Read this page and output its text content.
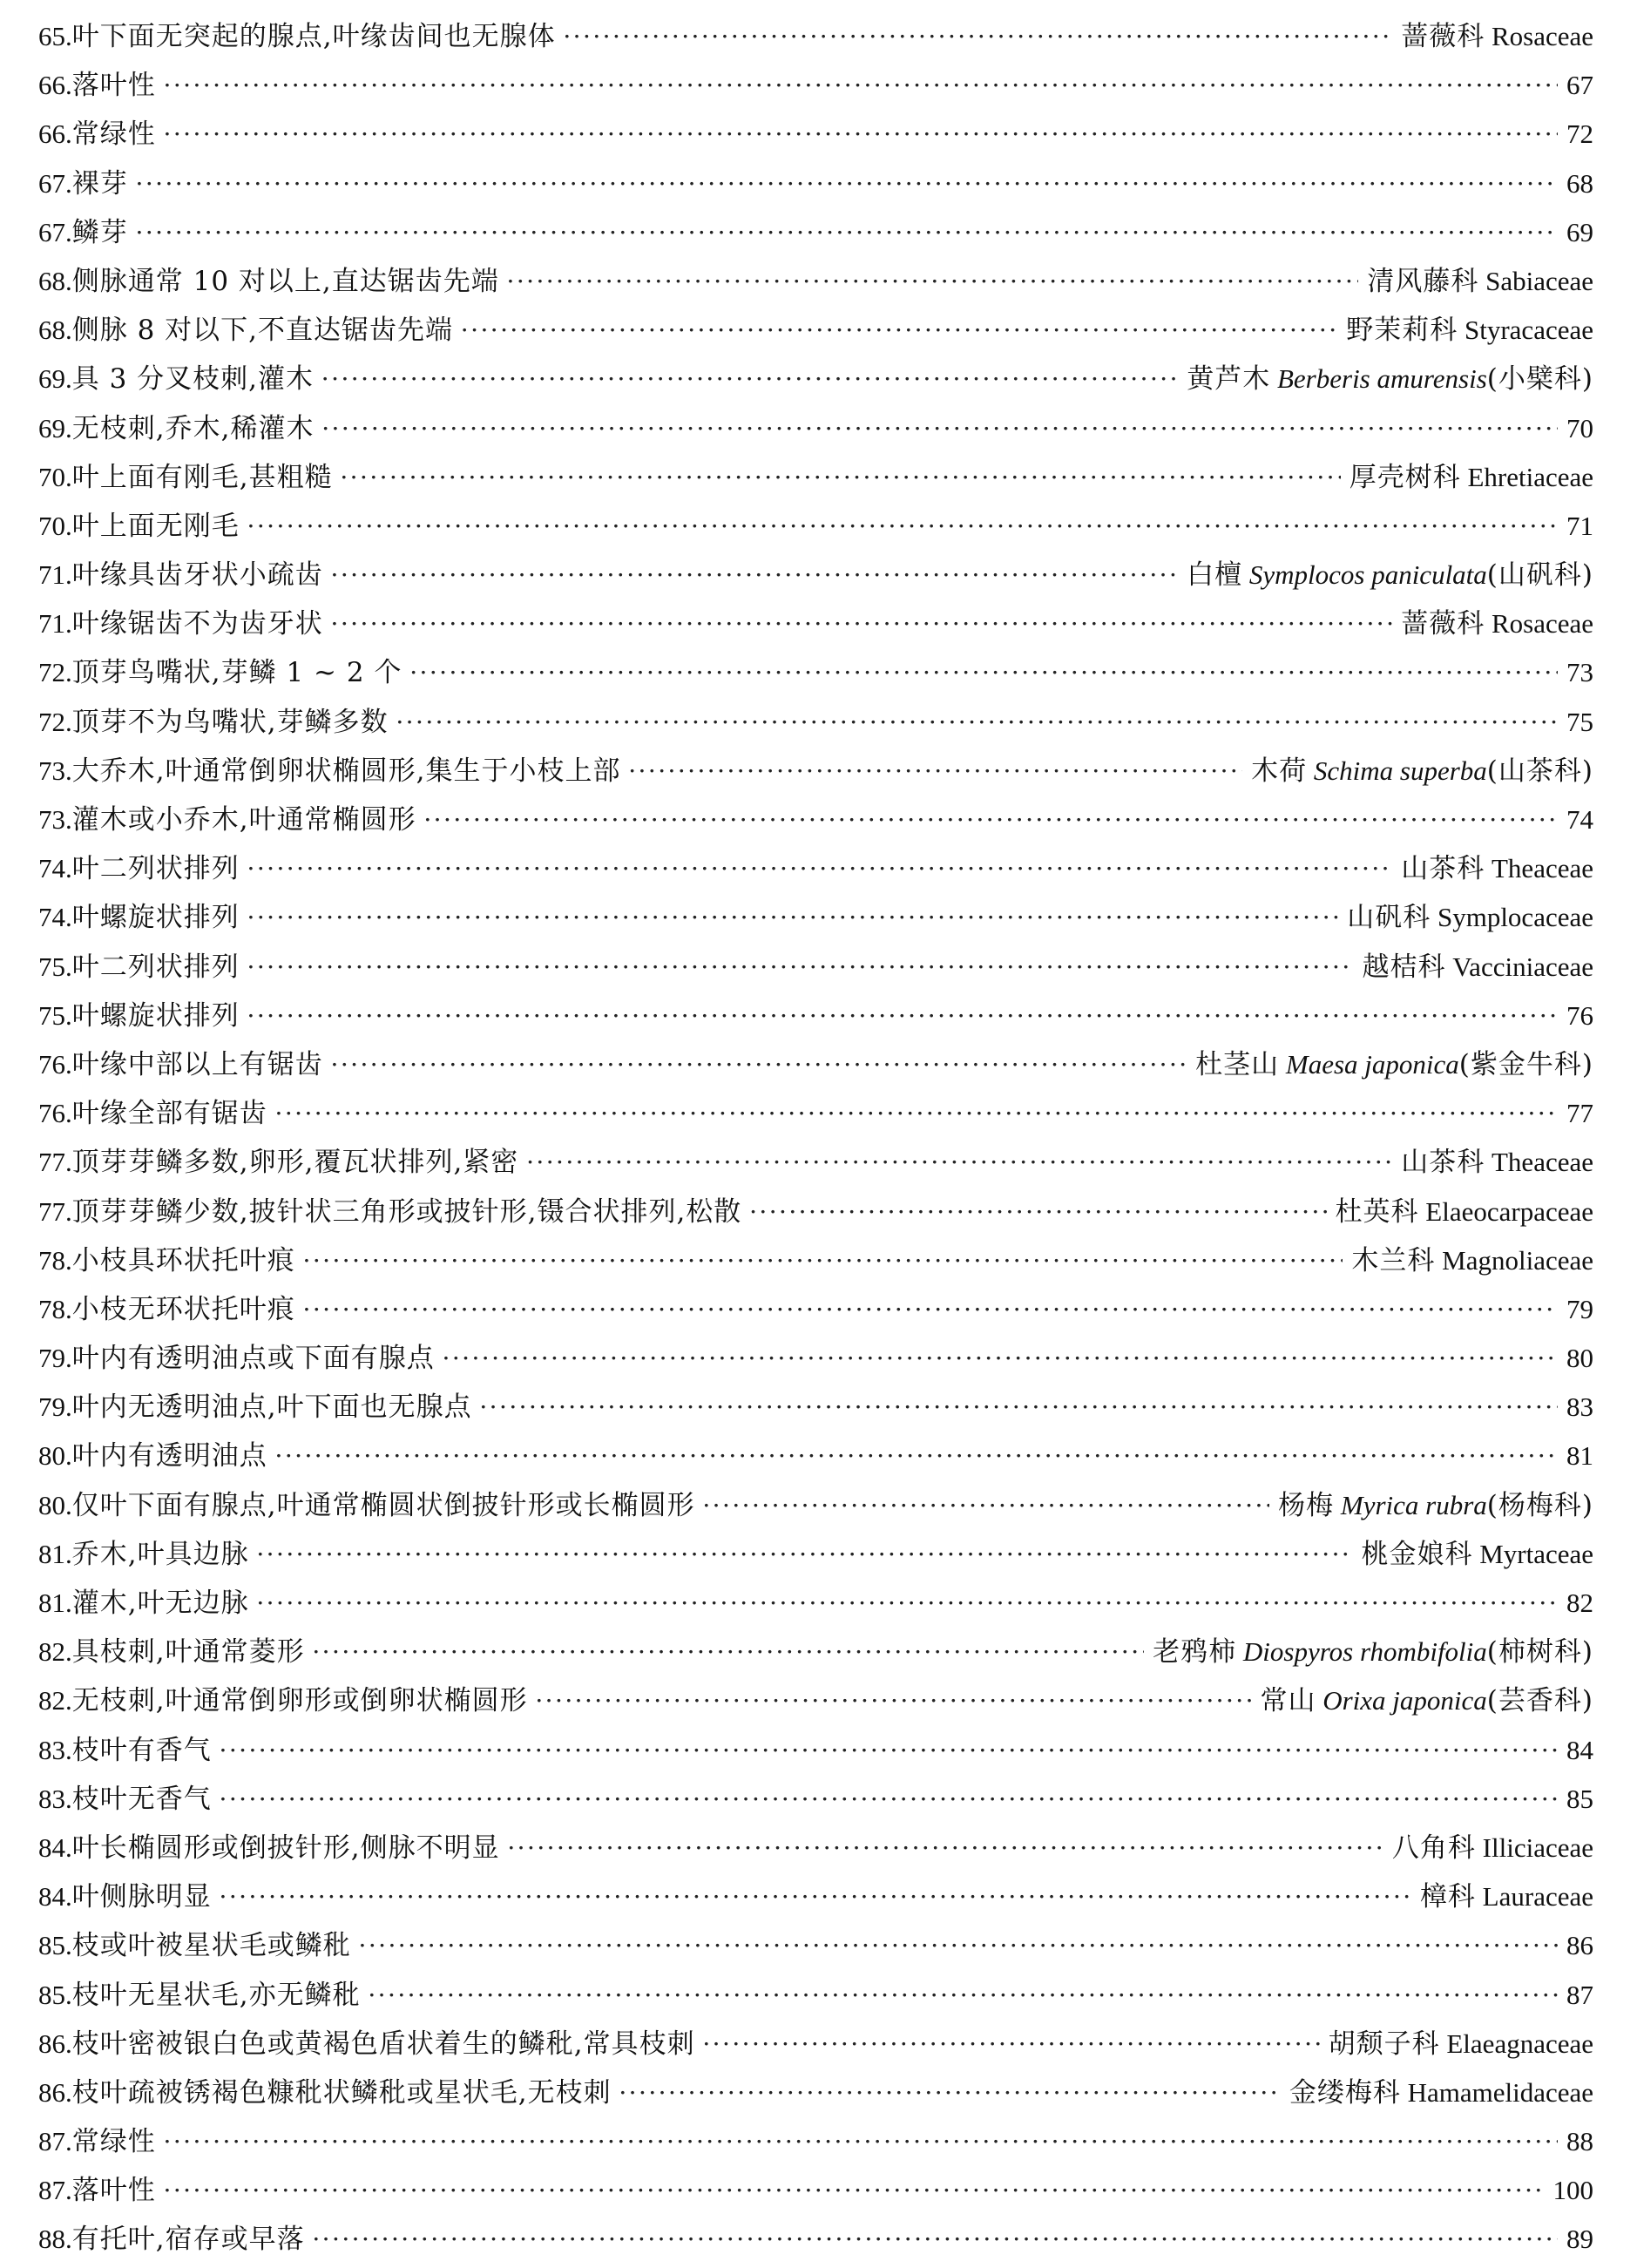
65. 叶下面无突起的腺点,叶缘齿间也无腺体 ·····	蔷薇科 Rosaceae
66. 落叶性 ·····	67
66. 常绿性 ·····	72
67. 裸芽 ·····	68
67. 鳞芽 ·····	69
68. 侧脉通常 10 对以上,直达锯齿先端 ·····	清风藤科 Sabiaceae
68. 侧脉 8 对以下,不直达锯齿先端 ·····	野茉莉科 Styracaceae
69. 具 3 分叉枝刺,灌木 ·····	黄芦木 Berberis amurensis(小檗科)
69. 无枝刺,乔木,稀灌木 ·····	70
70. 叶上面有刚毛,甚粗糙 ·····	厚壳树科 Ehretiaceae
70. 叶上面无刚毛 ·····	71
71. 叶缘具齿牙状小疏齿 ·····	白檀 Symplocos paniculata(山矾科)
71. 叶缘锯齿不为齿牙状 ·····	蔷薇科 Rosaceae
72. 顶芽鸟嘴状,芽鳞 1 ~ 2 个 ·····	73
72. 顶芽不为鸟嘴状,芽鳞多数 ·····	75
73. 大乔木,叶通常倒卵状椭圆形,集生于小枝上部 ·····	木荷 Schima superba(山茶科)
73. 灌木或小乔木,叶通常椭圆形 ·····	74
74. 叶二列状排列 ·····	山茶科 Theaceae
74. 叶螺旋状排列 ·····	山矾科 Symplocaceae
75. 叶二列状排列 ·····	越桔科 Vacciniaceae
75. 叶螺旋状排列 ·····	76
76. 叶缘中部以上有锯齿 ·····	杜茎山 Maesa japonica(紫金牛科)
76. 叶缘全部有锯齿 ·····	77
77. 顶芽芽鳞多数,卵形,覆瓦状排列,紧密 ·····	山茶科 Theaceae
77. 顶芽芽鳞少数,披针状三角形或披针形,镊合状排列,松散 ·····	杜英科 Elaeocarpaceae
78. 小枝具环状托叶痕 ·····	木兰科 Magnoliaceae
78. 小枝无环状托叶痕 ·····	79
79. 叶内有透明油点或下面有腺点 ·····	80
79. 叶内无透明油点,叶下面也无腺点 ·····	83
80. 叶内有透明油点 ·····	81
80. 仅叶下面有腺点,叶通常椭圆状倒披针形或长椭圆形 ·····	杨梅 Myrica rubra(杨梅科)
81. 乔木,叶具边脉 ·····	桃金娘科 Myrtaceae
81. 灌木,叶无边脉 ·····	82
82. 具枝刺,叶通常菱形 ·····	老鸦柿 Diospyros rhombifolia(柿树科)
82. 无枝刺,叶通常倒卵形或倒卵状椭圆形 ·····	常山 Orixa japonica(芸香科)
83. 枝叶有香气 ·····	84
83. 枝叶无香气 ·····	85
84. 叶长椭圆形或倒披针形,侧脉不明显 ·····	八角科 Illiciaceae
84. 叶侧脉明显 ·····	樟科 Lauraceae
85. 枝或叶被星状毛或鳞秕 ·····	86
85. 枝叶无星状毛,亦无鳞秕 ·····	87
86. 枝叶密被银白色或黄褐色盾状着生的鳞秕,常具枝刺 ·····	胡颓子科 Elaeagnaceae
86. 枝叶疏被锈褐色糠秕状鳞秕或星状毛,无枝刺 ·····	金缕梅科 Hamamelidaceae
87. 常绿性 ·····	88
87. 落叶性 ·····	100
88. 有托叶,宿存或早落 ·····	89
